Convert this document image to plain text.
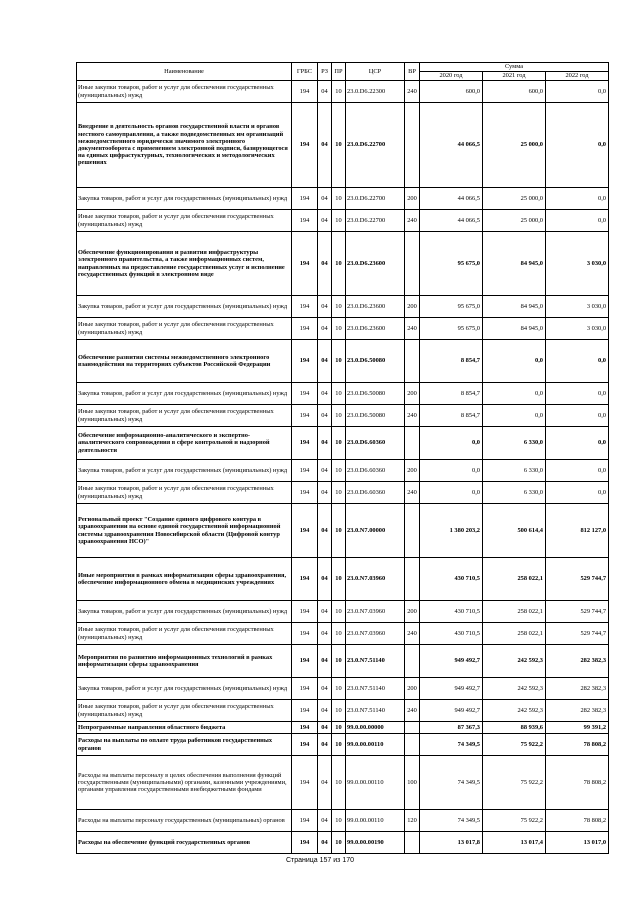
Наименование	ГРБС	РЗ	ПР	ЦСР	ВР	Сумма		
						2020 год	2021 год	2022 год
Иные закупки товаров, работ и услуг для обеспечения государственных (муниципальных) нужд	194	04	10	23.0.D6.22300	240	600,0	600,0	0,0
Внедрение в деятельность органов государственной власти и органов местного самоуправления, а также подведомственных им организаций межведомственного юридически значимого электронного документооборота с применением электронной подписи, базирующегося на единых цифрастуктурных, технологических и методологических решениях	194	04	10	23.0.D6.22700		44 066,5	25 000,0	0,0
Закупка товаров, работ и услуг для государственных (муниципальных) нужд	194	04	10	23.0.D6.22700	200	44 066,5	25 000,0	0,0
Иные закупки товаров, работ и услуг для обеспечения государственных (муниципальных) нужд	194	04	10	23.0.D6.22700	240	44 066,5	25 000,0	0,0
Обеспечение функционирования и развития инфраструктуры электронного правительства, а также информационных систем, направленных на предоставление государственных услуг и исполнение государственных функций в электронном виде	194	04	10	23.0.D6.23600		95 675,0	84 945,0	3 030,0
Закупка товаров, работ и услуг для государственных (муниципальных) нужд	194	04	10	23.0.D6.23600	200	95 675,0	84 945,0	3 030,0
Иные закупки товаров, работ и услуг для обеспечения государственных (муниципальных) нужд	194	04	10	23.0.D6.23600	240	95 675,0	84 945,0	3 030,0
Обеспечение развития системы межведомственного электронного взаимодействия на территориях субъектов Российской Федерации	194	04	10	23.0.D6.50080		8 854,7	0,0	0,0
Закупка товаров, работ и услуг для государственных (муниципальных) нужд	194	04	10	23.0.D6.50080	200	8 854,7	0,0	0,0
Иные закупки товаров, работ и услуг для обеспечения государственных (муниципальных) нужд	194	04	10	23.0.D6.50080	240	8 854,7	0,0	0,0
Обеспечение информационно-аналитического и экспертно-аналитического сопровождения в сфере контрольной и надзорной деятельности	194	04	10	23.0.D6.60360		0,0	6 330,0	0,0
Закупка товаров, работ и услуг для государственных (муниципальных) нужд	194	04	10	23.0.D6.60360	200	0,0	6 330,0	0,0
Иные закупки товаров, работ и услуг для обеспечения государственных (муниципальных) нужд	194	04	10	23.0.D6.60360	240	0,0	6 330,0	0,0
Региональный проект "Создание единого цифрового контура в здравоохранении на основе единой государственной информационной системы здравоохранения Новосибирской области (Цифровой контур здравоохранения НСО)"	194	04	10	23.0.N7.00000		1 380 203,2	500 614,4	812 127,0
Иные мероприятия в рамках информатизации сферы здравоохранения, обеспечение информационного обмена в медицинских учреждениях	194	04	10	23.0.N7.03960		430 710,5	258 022,1	529 744,7
Закупка товаров, работ и услуг для государственных (муниципальных) нужд	194	04	10	23.0.N7.03960	200	430 710,5	258 022,1	529 744,7
Иные закупки товаров, работ и услуг для обеспечения государственных (муниципальных) нужд	194	04	10	23.0.N7.03960	240	430 710,5	258 022,1	529 744,7
Мероприятия по развитию информационных технологий в рамках информатизации сферы здравоохранения	194	04	10	23.0.N7.51140		949 492,7	242 592,3	282 382,3
Закупка товаров, работ и услуг для государственных (муниципальных) нужд	194	04	10	23.0.N7.51140	200	949 492,7	242 592,3	282 382,3
Иные закупки товаров, работ и услуг для обеспечения государственных (муниципальных) нужд	194	04	10	23.0.N7.51140	240	949 492,7	242 592,3	282 382,3
Непрограммные направления областного бюджета	194	04	10	99.0.00.00000		87 367,3	88 939,6	99 391,2
Расходы на выплаты по оплате труда работников государственных органов	194	04	10	99.0.00.00110		74 349,5	75 922,2	78 808,2
Расходы на выплаты персоналу в целях обеспечения выполнения функций государственными (муниципальными) органами, казенными учреждениями, органами управления государственными внебюджетными фондами	194	04	10	99.0.00.00110	100	74 349,5	75 922,2	78 808,2
Расходы на выплаты персоналу государственных (муниципальных) органов	194	04	10	99.0.00.00110	120	74 349,5	75 922,2	78 808,2
Расходы на обеспечение функций государственных органов	194	04	10	99.0.00.00190		13 017,8	13 017,4	13 017,0
Страница 157 из 170
